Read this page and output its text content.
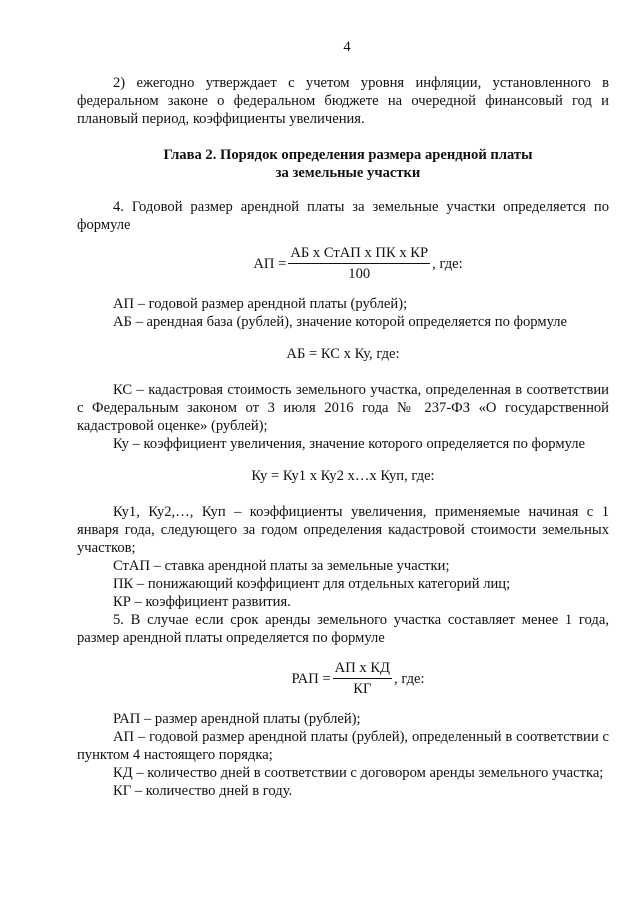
4

2) ежегодно утверждает с учетом уровня инфляции, установленного в федеральном законе о федеральном бюджете на очередной финансовый год и плановый период, коэффициенты увеличения.

Глава 2. Порядок определения размера арендной платы
за земельные участки

4. Годовой размер арендной платы за земельные участки определяется по формуле

АП = $\frac{\text{АБ х СтАП х ПК х КР}}{100}$ , где:

АП – годовой размер арендной платы (рублей);

АБ – арендная база (рублей), значение которой определяется по формуле

АБ = КС х Ку, где:

КС – кадастровая стоимость земельного участка, определенная в соответствии с Федеральным законом от 3 июля 2016 года № 237-ФЗ «О государственной кадастровой оценке» (рублей);

Ку – коэффициент увеличения, значение которого определяется по формуле

Ку = Ку1 х Ку2 х…х Куп, где:

Ку1, Ку2,…, Куп – коэффициенты увеличения, применяемые начиная с 1 января года, следующего за годом определения кадастровой стоимости земельных участков;

СтАП – ставка арендной платы за земельные участки;

ПК – понижающий коэффициент для отдельных категорий лиц;

КР – коэффициент развития.

5. В случае если срок аренды земельного участка составляет менее 1 года, размер арендной платы определяется по формуле

РАП = $\frac{\text{АП х КД}}{КГ}$ , где:

РАП – размер арендной платы (рублей);

АП – годовой размер арендной платы (рублей), определенный в соответствии с пунктом 4 настоящего порядка;

КД – количество дней в соответствии с договором аренды земельного участка;

КГ – количество дней в году.
